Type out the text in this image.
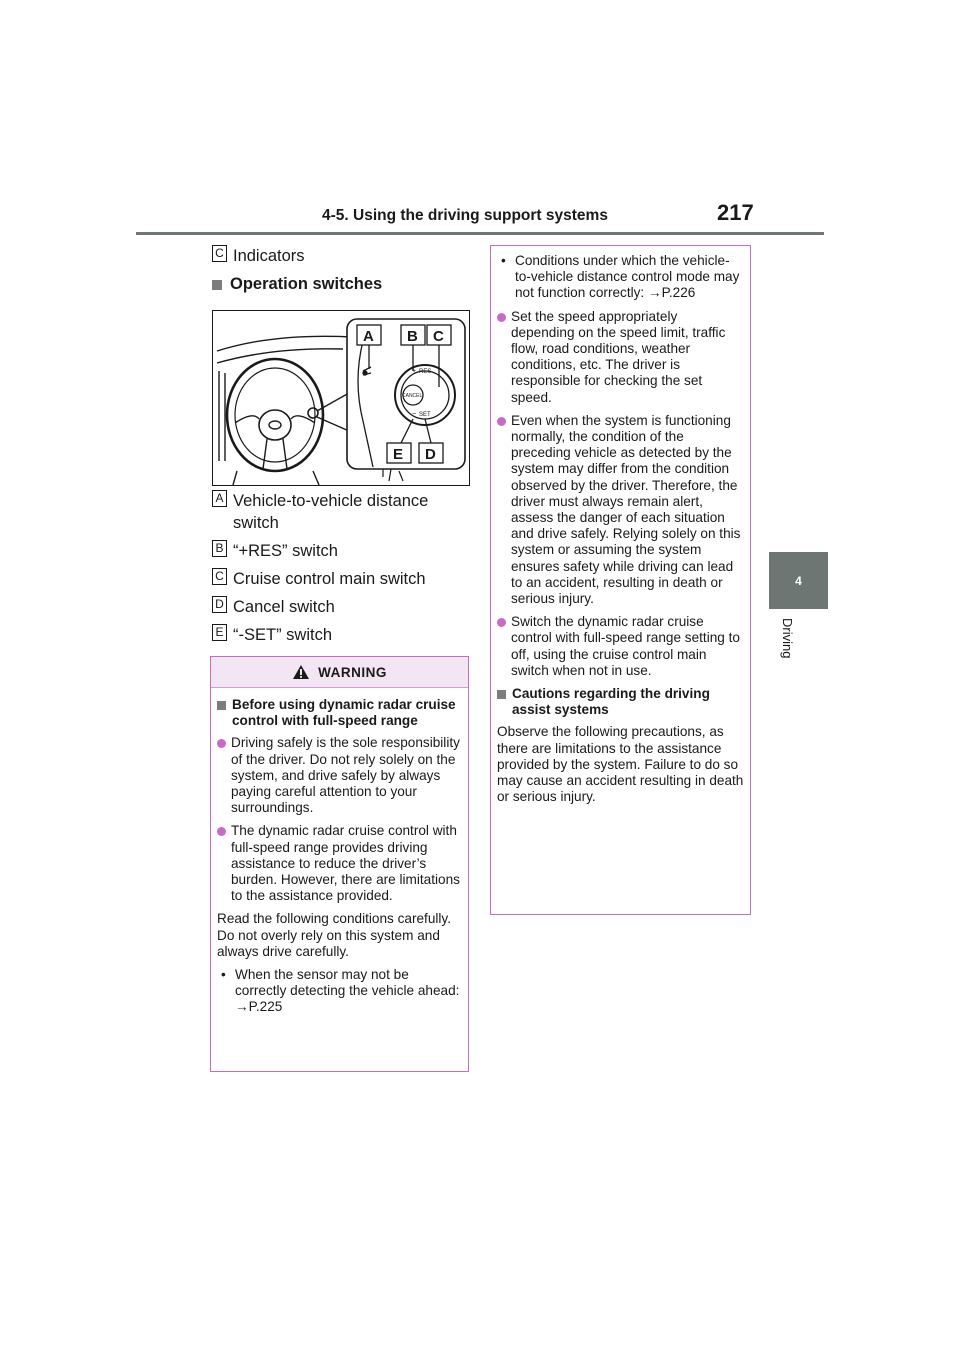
4-5. Using the driving support systems	217
4
Driving
C Indicators
Operation switches
RES
CANCEL
SET
+
−
A B C
E D
A Vehicle-to-vehicle distance switch
B “+RES” switch
C Cruise control main switch
D Cancel switch
E “-SET” switch
WARNING
Before using dynamic radar cruise control with full-speed range
Driving safely is the sole responsibility of the driver. Do not rely solely on the system, and drive safely by always paying careful attention to your surroundings.
The dynamic radar cruise control with full-speed range provides driving assistance to reduce the driver’s burden. However, there are limitations to the assistance provided.
Read the following conditions carefully. Do not overly rely on this system and always drive carefully.
• When the sensor may not be correctly detecting the vehicle ahead: →P.225
• Conditions under which the vehicle-to-vehicle distance control mode may not function correctly: →P.226
Set the speed appropriately depending on the speed limit, traffic flow, road conditions, weather conditions, etc. The driver is responsible for checking the set speed.
Even when the system is functioning normally, the condition of the preceding vehicle as detected by the system may differ from the condition observed by the driver. Therefore, the driver must always remain alert, assess the danger of each situation and drive safely. Relying solely on this system or assuming the system ensures safety while driving can lead to an accident, resulting in death or serious injury.
Switch the dynamic radar cruise control with full-speed range setting to off, using the cruise control main switch when not in use.
Cautions regarding the driving assist systems
Observe the following precautions, as there are limitations to the assistance provided by the system. Failure to do so may cause an accident resulting in death or serious injury.
